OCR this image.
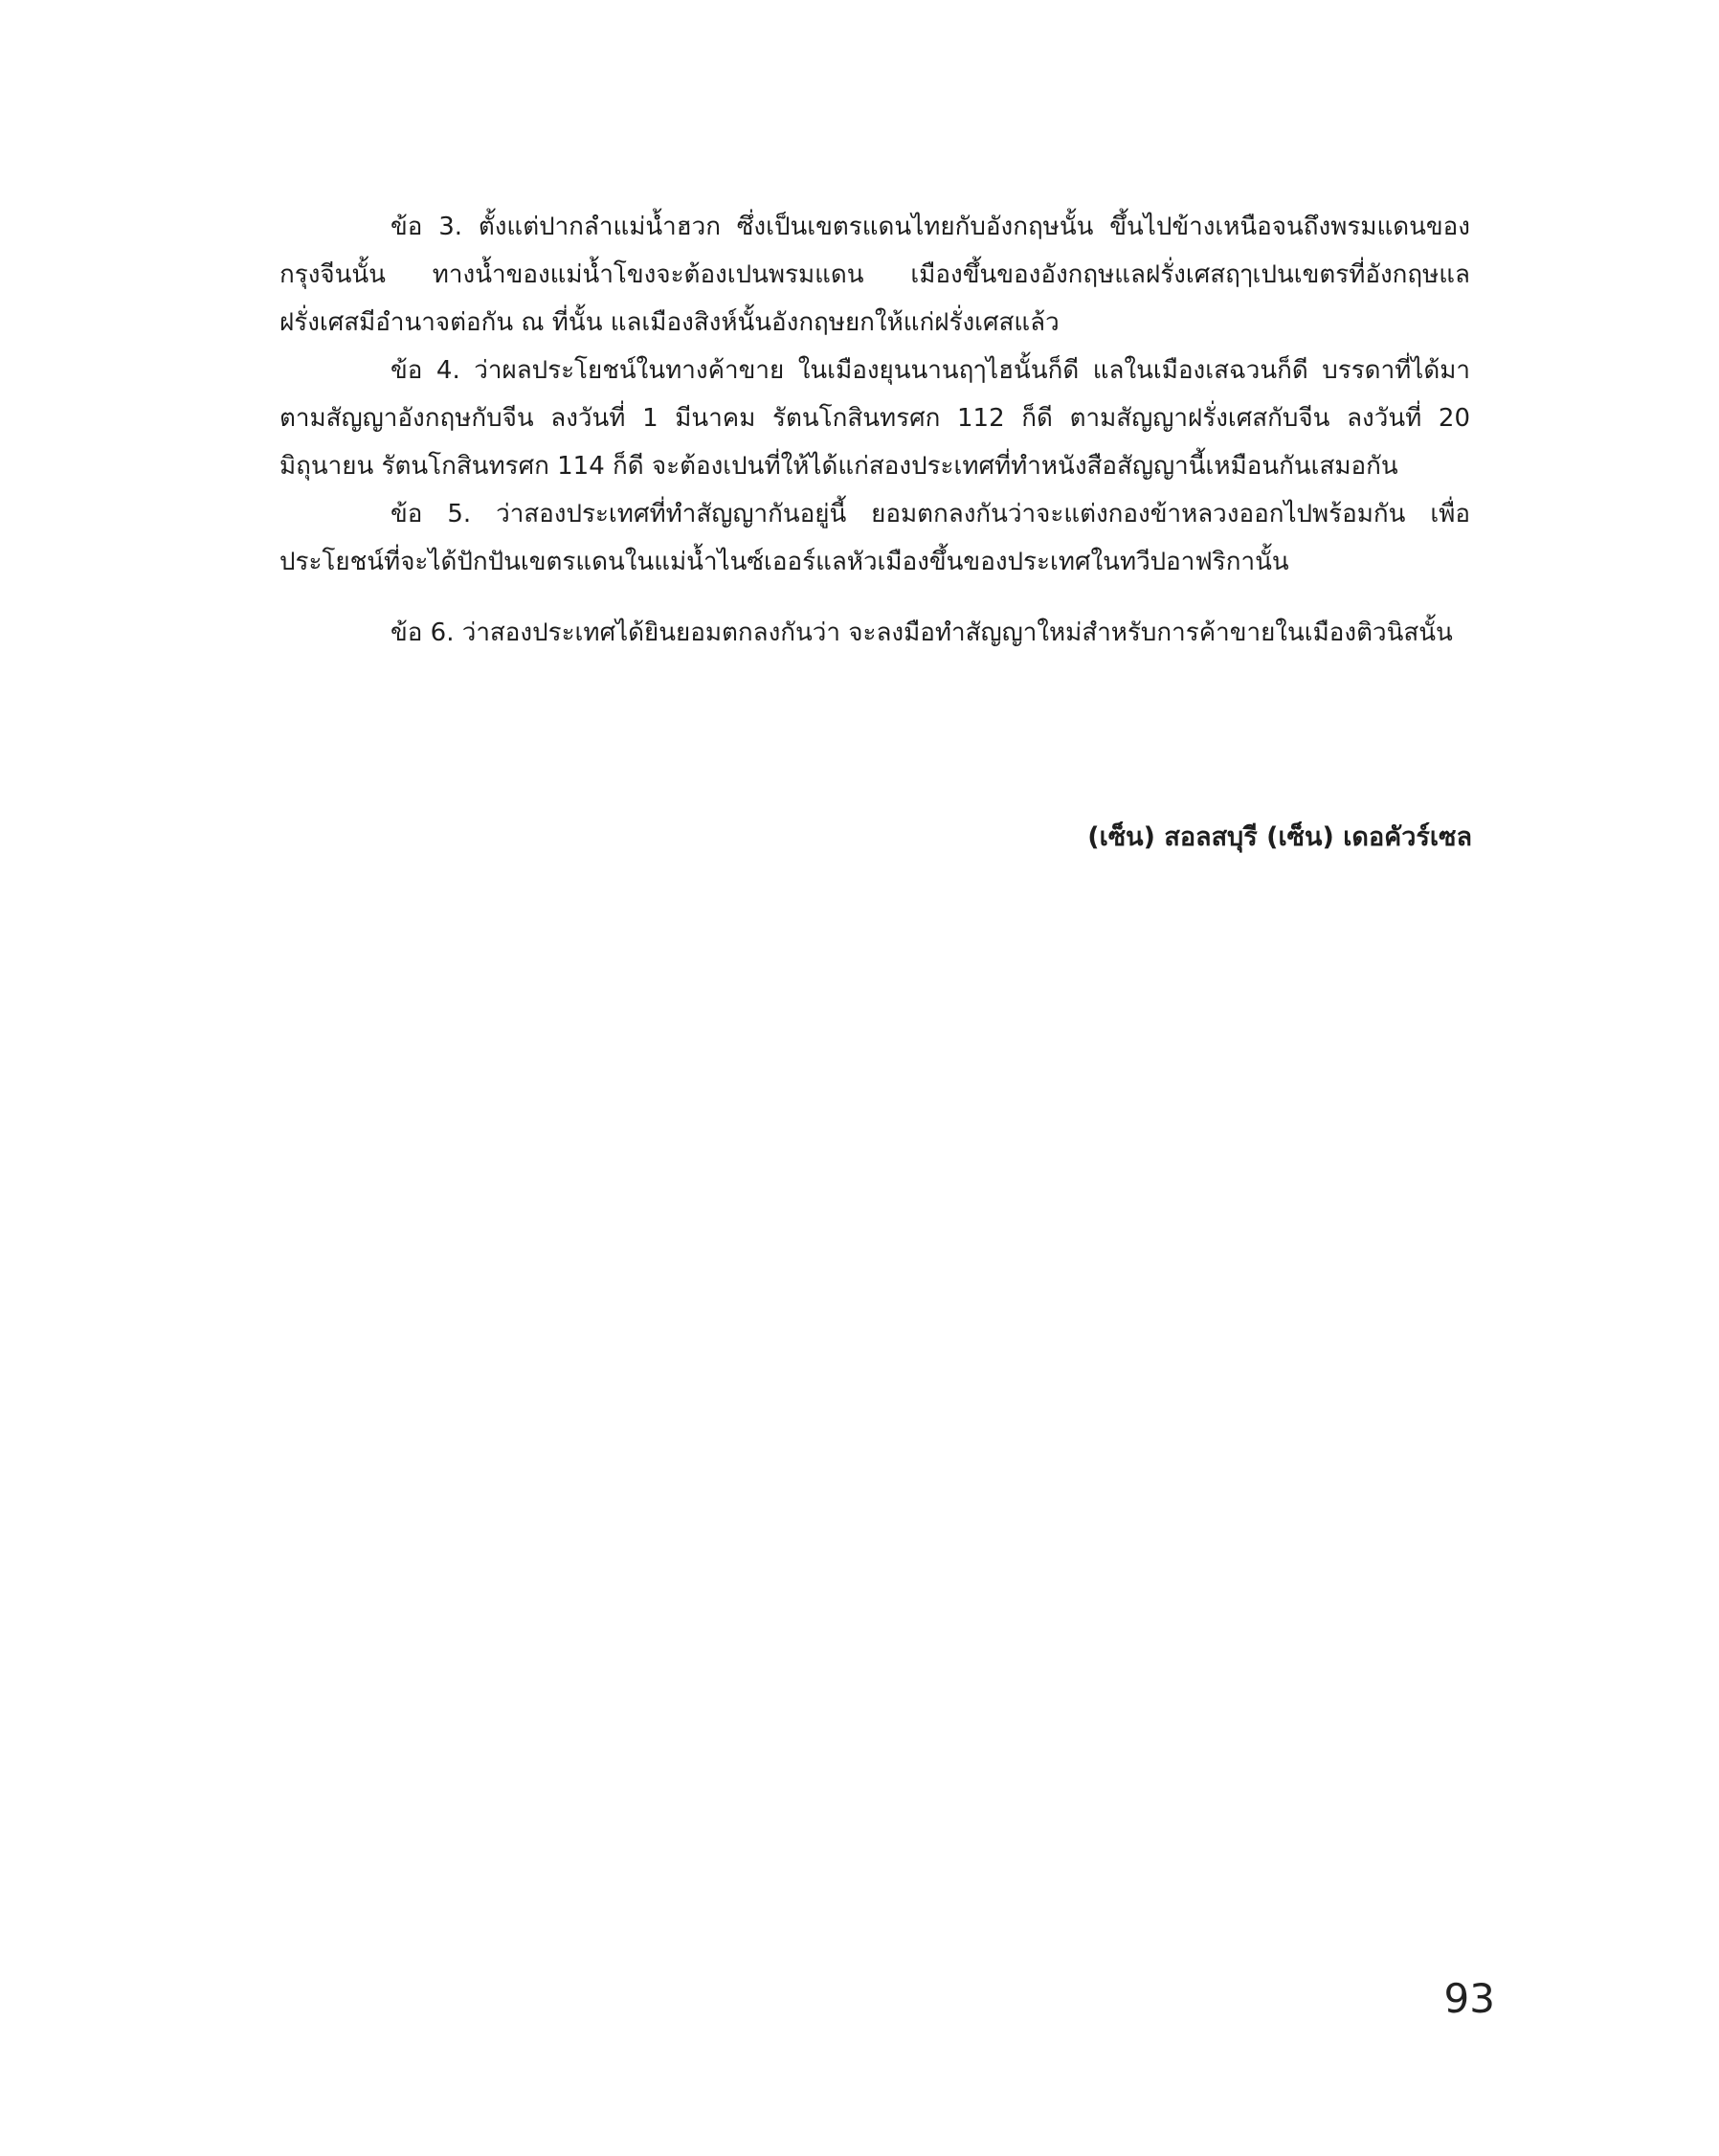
ข้อ 3. ตั้งแต่ปากลำแม่น้ำฮวก ซึ่งเป็นเขตรแดนไทยกับอังกฤษนั้น ขึ้นไปข้างเหนือจนถึงพรมแดนของกรุงจีนนั้น ทางน้ำของแม่น้ำโขงจะต้องเปนพรมแดน เมืองขึ้นของอังกฤษแลฝรั่งเศสฤๅเปนเขตรที่อังกฤษแลฝรั่งเศสมีอำนาจต่อกัน ณ ที่นั้น แลเมืองสิงห์นั้นอังกฤษยกให้แก่ฝรั่งเศสแล้ว

ข้อ 4. ว่าผลประโยชน์ในทางค้าขาย ในเมืองยุนนานฤๅไฮนั้นก็ดี แลในเมืองเสฉวนก็ดี บรรดาที่ได้มาตามสัญญาอังกฤษกับจีน ลงวันที่ 1 มีนาคม รัตนโกสินทรศก 112 ก็ดี ตามสัญญาฝรั่งเศสกับจีน ลงวันที่ 20 มิถุนายน รัตนโกสินทรศก 114 ก็ดี จะต้องเปนที่ให้ได้แก่สองประเทศที่ทำหนังสือสัญญานี้เหมือนกันเสมอกัน

ข้อ 5. ว่าสองประเทศที่ทำสัญญากันอยู่นี้ ยอมตกลงกันว่าจะแต่งกองข้าหลวงออกไปพร้อมกัน เพื่อประโยชน์ที่จะได้ปักปันเขตรแดนในแม่น้ำไนซ์เออร์แลหัวเมืองขึ้นของประเทศในทวีปอาฟริกานั้น

ข้อ 6. ว่าสองประเทศได้ยินยอมตกลงกันว่า จะลงมือทำสัญญาใหม่สำหรับการค้าขายในเมืองติวนิสนั้น

(เซ็น) สอลสบุรี (เซ็น) เดอคัวร์เซล
93
